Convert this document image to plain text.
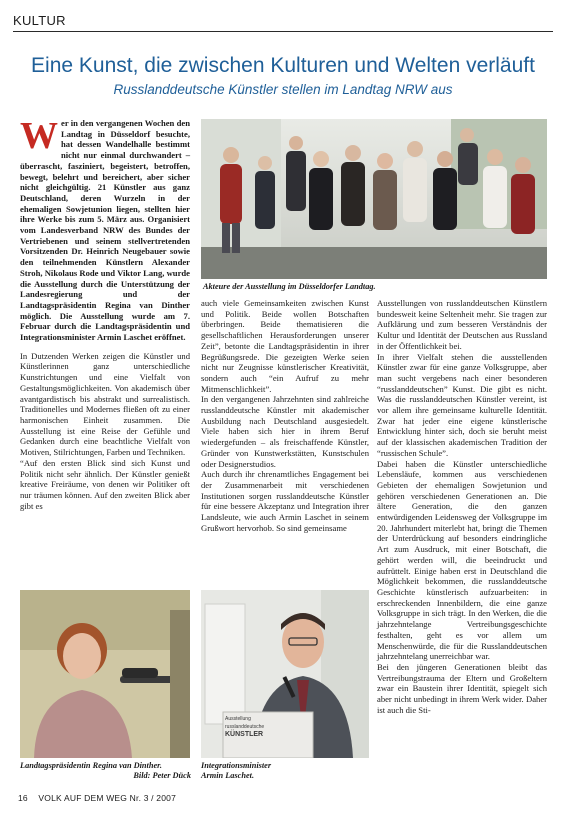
KULTUR
Eine Kunst, die zwischen Kulturen und Welten verläuft
Russlanddeutsche Künstler stellen im Landtag NRW aus

Wer in den vergangenen Wochen den Landtag in Düsseldorf besuchte, hat dessen Wandelhalle bestimmt nicht nur einmal durchwandert – überrascht, fasziniert, begeistert, betroffen, bewegt, belehrt und bereichert, aber sicher nicht gleichgültig. 21 Künstler aus ganz Deutschland, deren Wurzeln in der ehemaligen Sowjetunion liegen, stellten hier ihre Werke bis zum 5. März aus. Organisiert vom Landesverband NRW des Bundes der Vertriebenen und seinem stellvertretenden Vorsitzenden Dr. Heinrich Neugebauer sowie den teilnehmenden Künstlern Alexander Stroh, Nikolaus Rode und Viktor Lang, wurde die Ausstellung durch die Unterstützung der Landesregierung und der Landtagspräsidentin Regina van Dinther möglich. Die Ausstellung wurde am 7. Februar durch die Landtagspräsidentin und Integrationsminister Armin Laschet eröffnet.

In Dutzenden Werken zeigen die Künstler und Künstlerinnen ganz unterschiedliche Kunstrichtungen und eine Vielfalt von Gestaltungsmöglichkeiten. Von akademisch über avantgardistisch bis abstrakt und surrealistisch. Traditionelles und Modernes fließen oft zu einer harmonischen Einheit zusammen. Die Ausstellung ist eine Reise der Gefühle und Gedanken durch eine beachtliche Vielfalt von Motiven, Stilrichtungen, Farben und Techniken.

“Auf den ersten Blick sind sich Kunst und Politik nicht sehr ähnlich. Der Künstler genießt kreative Freiräume, von denen wir Politiker oft nur träumen können. Auf den zweiten Blick aber gibt es

Akteure der Ausstellung im Düsseldorfer Landtag.

auch viele Gemeinsamkeiten zwischen Kunst und Politik. Beide wollen Botschaften überbringen. Beide thematisieren die gesellschaftlichen Herausforderungen unserer Zeit”, betonte die Landtagspräsidentin in ihrer Begrüßungsrede. Die gezeigten Werke seien nicht nur Zeugnisse künstlerischer Kreativität, sondern auch “ein Aufruf zu mehr Mitmenschlichkeit”.

In den vergangenen Jahrzehnten sind zahlreiche russlanddeutsche Künstler mit akademischer Ausbildung nach Deutschland ausgesiedelt. Viele haben sich hier in ihrem Beruf wiedergefunden – als freischaffende Künstler, Gründer von Kunstwerkstätten, Kunstschulen oder Designerstudios.

Auch durch ihr chrenamtliches Engagement bei der Zusammenarbeit mit verschiedenen Institutionen sorgen russlanddeutsche Künstler für eine bessere Akzeptanz und Integration ihrer Landsleute, wie auch Armin Laschet in seinem Grußwort hervorhob. So sind gemeinsame

Ausstellungen von russlanddeutschen Künstlern bundesweit keine Seltenheit mehr. Sie tragen zur Aufklärung und zum besseren Verständnis der Kultur und Identität der Deutschen aus Russland in der Öffentlichkeit bei.

In ihrer Vielfalt stehen die ausstellenden Künstler zwar für eine ganze Volksgruppe, aber man sucht vergebens nach einer besonderen “russlanddeutschen” Kunst. Die gibt es nicht. Was die russlanddeutschen Künstler vereint, ist vor allem ihre gemeinsame kulturelle Identität. Zwar hat jeder eine eigene künstlerische Entwicklung hinter sich, doch sie beruht meist auf der klassischen akademischen Tradition der “russischen Schule”.

Dabei haben die Künstler unterschiedliche Lebensläufe, kommen aus verschiedenen Gebieten der ehemaligen Sowjetunion und gehören verschiedenen Generationen an. Die ältere Generation, die den ganzen entwürdigenden Leidensweg der Volksgruppe im 20. Jahrhundert miterlebt hat, bringt die Themen der Unterdrückung auf besonders eindringliche Art zum Ausdruck, mit einer Botschaft, die gehört werden will, die beeindruckt und aufrüttelt. Einige haben erst in Deutschland die Möglichkeit bekommen, die russlanddeutsche Geschichte künstlerisch aufzuarbeiten: in erschreckenden Innenbildern, die eine ganze Volksgruppe in sich trägt. In den Werken, die die jahrzehntelange Vertreibungsgeschichte festhalten, geht es vor allem um Menschenwürde, die für die Russlanddeutschen jahrzehntelang unerreichbar war.

Bei den jüngeren Generationen bleibt das Vertreibungstrauma der Eltern und Großeltern zwar ein Baustein ihrer Identität, spiegelt sich aber nicht unbedingt in ihrem Werk wider. Daher ist auch die Sti-

Landtagspräsidentin Regina van Dinther.
Bild: Peter Dück
Ausstellung
russlanddeutsche
KÜNSTLER
Integrationsminister
Armin Laschet.
16 VOLK AUF DEM WEG Nr. 3 / 2007
